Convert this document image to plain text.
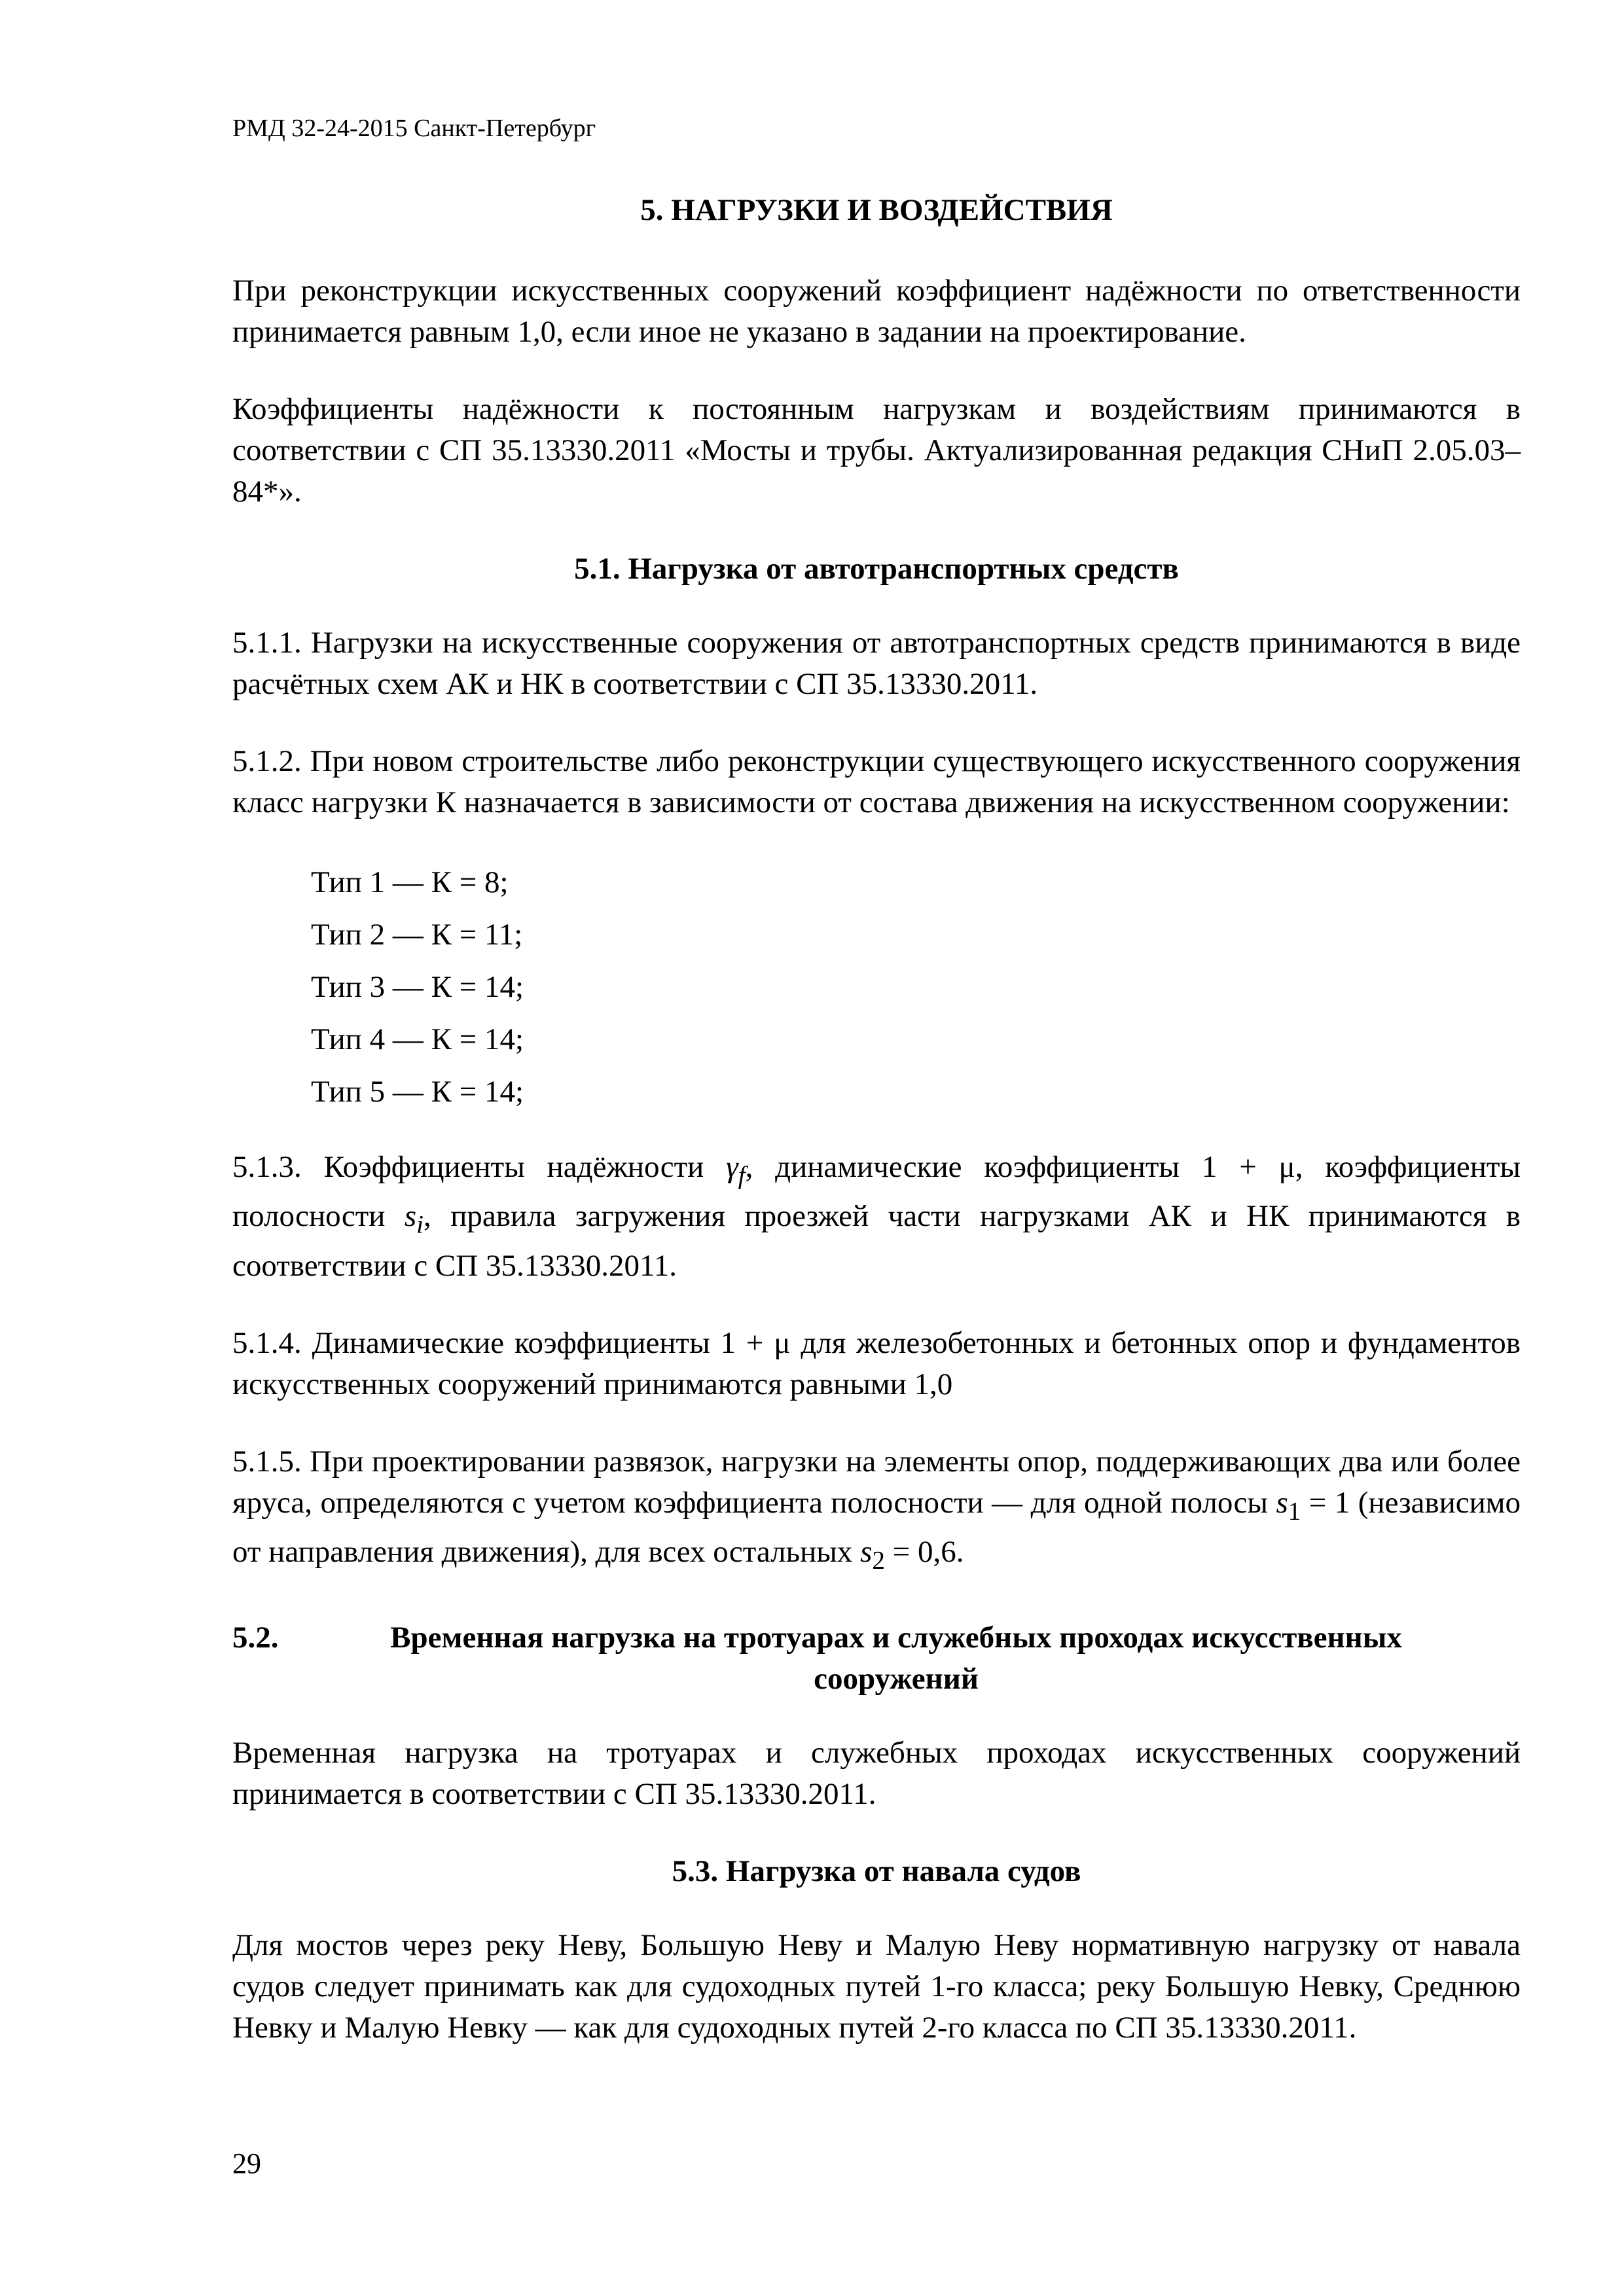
РМД 32-24-2015 Санкт-Петербург
5. НАГРУЗКИ И ВОЗДЕЙСТВИЯ

При реконструкции искусственных сооружений коэффициент надёжности по ответственности принимается равным 1,0, если иное не указано в задании на проектирование.

Коэффициенты надёжности к постоянным нагрузкам и воздействиям принимаются в соответствии с СП 35.13330.2011 «Мосты и трубы. Актуализированная редакция СНиП 2.05.03–84*».

5.1. Нагрузка от автотранспортных средств

5.1.1. Нагрузки на искусственные сооружения от автотранспортных средств принимаются в виде расчётных схем АК и НК в соответствии с СП 35.13330.2011.

5.1.2. При новом строительстве либо реконструкции существующего искусственного сооружения класс нагрузки К назначается в зависимости от состава движения на искусственном сооружении:

Тип 1 — К = 8;
Тип 2 — К = 11;
Тип 3 — К = 14;
Тип 4 — К = 14;
Тип 5 — К = 14;

5.1.3. Коэффициенты надёжности $\gamma_f$, динамические коэффициенты 1 + μ, коэффициенты полосности $s_i$, правила загружения проезжей части нагрузками АК и НК принимаются в соответствии с СП 35.13330.2011.

5.1.4. Динамические коэффициенты 1 + μ для железобетонных и бетонных опор и фундаментов искусственных сооружений принимаются равными 1,0

5.1.5. При проектировании развязок, нагрузки на элементы опор, поддерживающих два или более яруса, определяются с учетом коэффициента полосности — для одной полосы $s_1 = 1$ (независимо от направления движения), для всех остальных $s_2 = 0,6$.

5.2.	Временная нагрузка на тротуарах и служебных проходах искусственных сооружений

Временная нагрузка на тротуарах и служебных проходах искусственных сооружений принимается в соответствии с СП 35.13330.2011.

5.3. Нагрузка от навала судов

Для мостов через реку Неву, Большую Неву и Малую Неву нормативную нагрузку от навала судов следует принимать как для судоходных путей 1-го класса; реку Большую Невку, Среднюю Невку и Малую Невку — как для судоходных путей 2-го класса по СП 35.13330.2011.

29
